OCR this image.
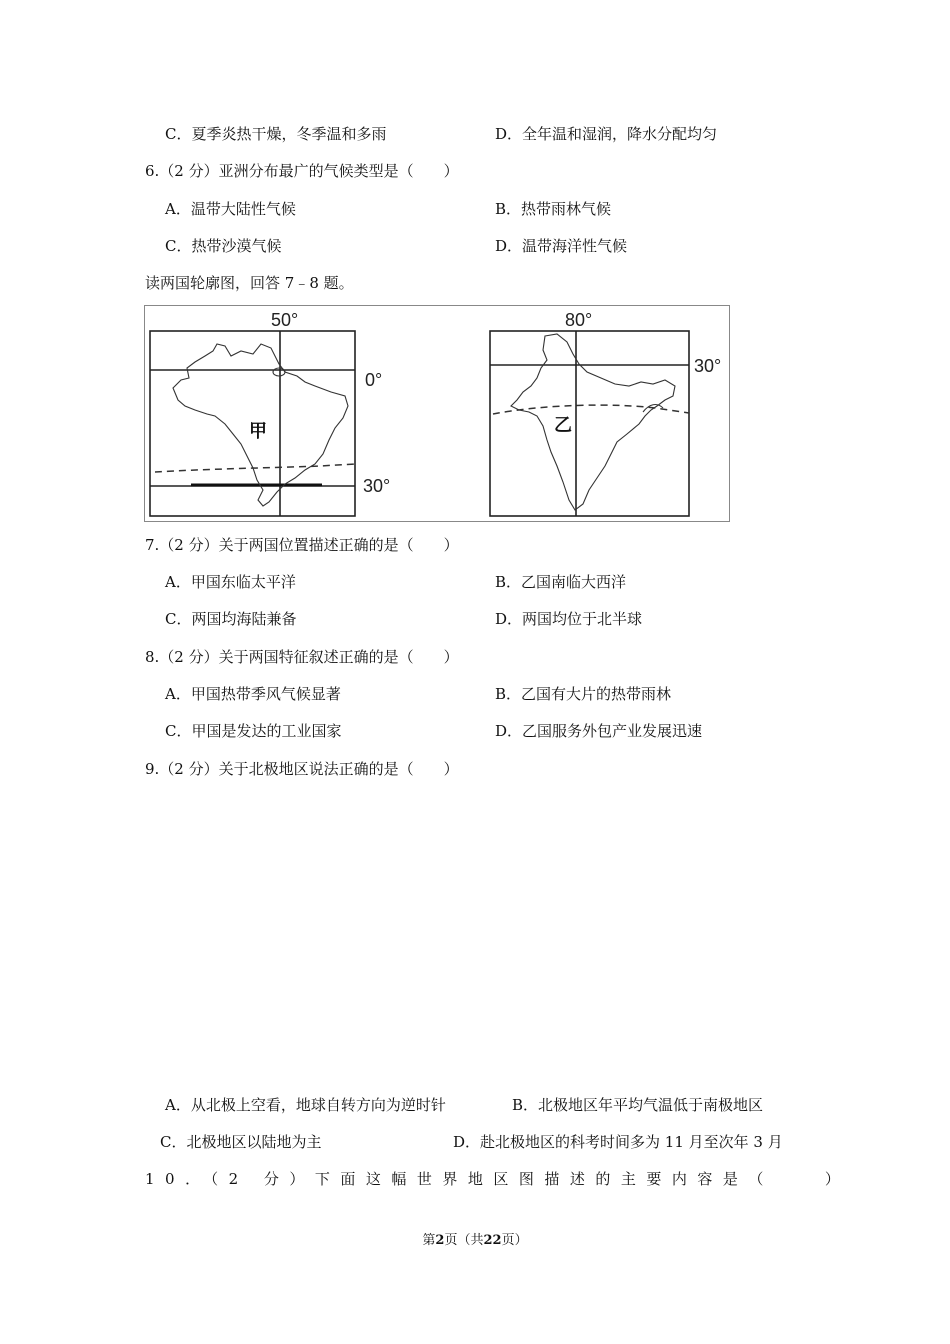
C．夏季炎热干燥，冬季温和多雨	D．全年温和湿润，降水分配均匀
6.（2 分）亚洲分布最广的气候类型是（　　）
A．温带大陆性气候	B．热带雨林气候
C．热带沙漠气候	D．温带海洋性气候
读两国轮廓图，回答 7﹣8 题。
50°
0°
30°
甲
80°
30°
乙
7.（2 分）关于两国位置描述正确的是（　　）
A．甲国东临太平洋	B．乙国南临大西洋
C．两国均海陆兼备	D．两国均位于北半球
8.（2 分）关于两国特征叙述正确的是（　　）
A．甲国热带季风气候显著	B．乙国有大片的热带雨林
C．甲国是发达的工业国家	D．乙国服务外包产业发展迅速
9.（2 分）关于北极地区说法正确的是（　　）
A．从北极上空看，地球自转方向为逆时针	B．北极地区年平均气温低于南极地区
C．北极地区以陆地为主	D．赴北极地区的科考时间多为 11 月至次年 3 月
10．（2 分）下面这幅世界地区图描述的主要内容是（　　）
第2页（共22页）
